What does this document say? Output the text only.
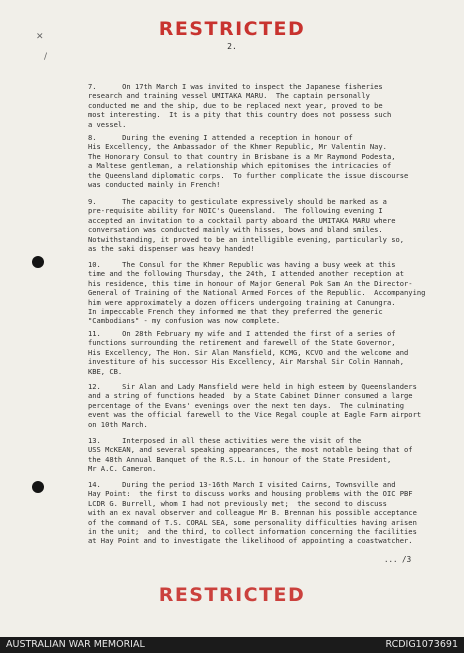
RESTRICTED
2.
✕
/
7.      On 17th March I was invited to inspect the Japanese fisheries
research and training vessel UMITAKA MARU.  The captain personally
conducted me and the ship, due to be replaced next year, proved to be
most interesting.  It is a pity that this country does not possess such
a vessel.
8.      During the evening I attended a reception in honour of
His Excellency, the Ambassador of the Khmer Republic, Mr Valentin Nay.
The Honorary Consul to that country in Brisbane is a Mr Raymond Podesta,
a Maltese gentleman, a relationship which epitomises the intricacies of
the Queensland diplomatic corps.  To further complicate the issue discourse
was conducted mainly in French!
9.      The capacity to gesticulate expressively should be marked as a
pre-requisite ability for NOIC's Queensland.  The following evening I
accepted an invitation to a cocktail party aboard the UMITAKA MARU where
conversation was conducted mainly with hisses, bows and bland smiles.
Notwithstanding, it proved to be an intelligible evening, particularly so,
as the saki dispenser was heavy handed!
10.     The Consul for the Khmer Republic was having a busy week at this
time and the following Thursday, the 24th, I attended another reception at
his residence, this time in honour of Major General Pok Sam An the Director-
General of Training of the National Armed Forces of the Republic.  Accompanying
him were approximately a dozen officers undergoing training at Canungra.
In impeccable French they informed me that they preferred the generic
"Cambodians" - my confusion was now complete.
11.     On 28th February my wife and I attended the first of a series of
functions surrounding the retirement and farewell of the State Governor,
His Excellency, The Hon. Sir Alan Mansfield, KCMG, KCVO and the welcome and
investiture of his successor His Excellency, Air Marshal Sir Colin Hannah,
KBE, CB.
12.     Sir Alan and Lady Mansfield were held in high esteem by Queenslanders
and a string of functions headed  by a State Cabinet Dinner consumed a large
percentage of the Evans' evenings over the next ten days.  The culminating
event was the official farewell to the Vice Regal couple at Eagle Farm airport
on 10th March.
13.     Interposed in all these activities were the visit of the
USS McKEAN, and several speaking appearances, the most notable being that of
the 48th Annual Banquet of the R.S.L. in honour of the State President,
Mr A.C. Cameron.
14.     During the period 13-16th March I visited Cairns, Townsville and
Hay Point:  the first to discuss works and housing problems with the OIC PBF
LCDR G. Burrell, whom I had not previously met;  the second to discuss
with an ex naval observer and colleague Mr B. Brennan his possible acceptance
of the command of T.S. CORAL SEA, some personality difficulties having arisen
in the unit;  and the third, to collect information concerning the facilities
at Hay Point and to investigate the likelihood of appointing a coastwatcher.
... /3
RESTRICTED
AUSTRALIAN WAR MEMORIAL	RCDIG1073691
